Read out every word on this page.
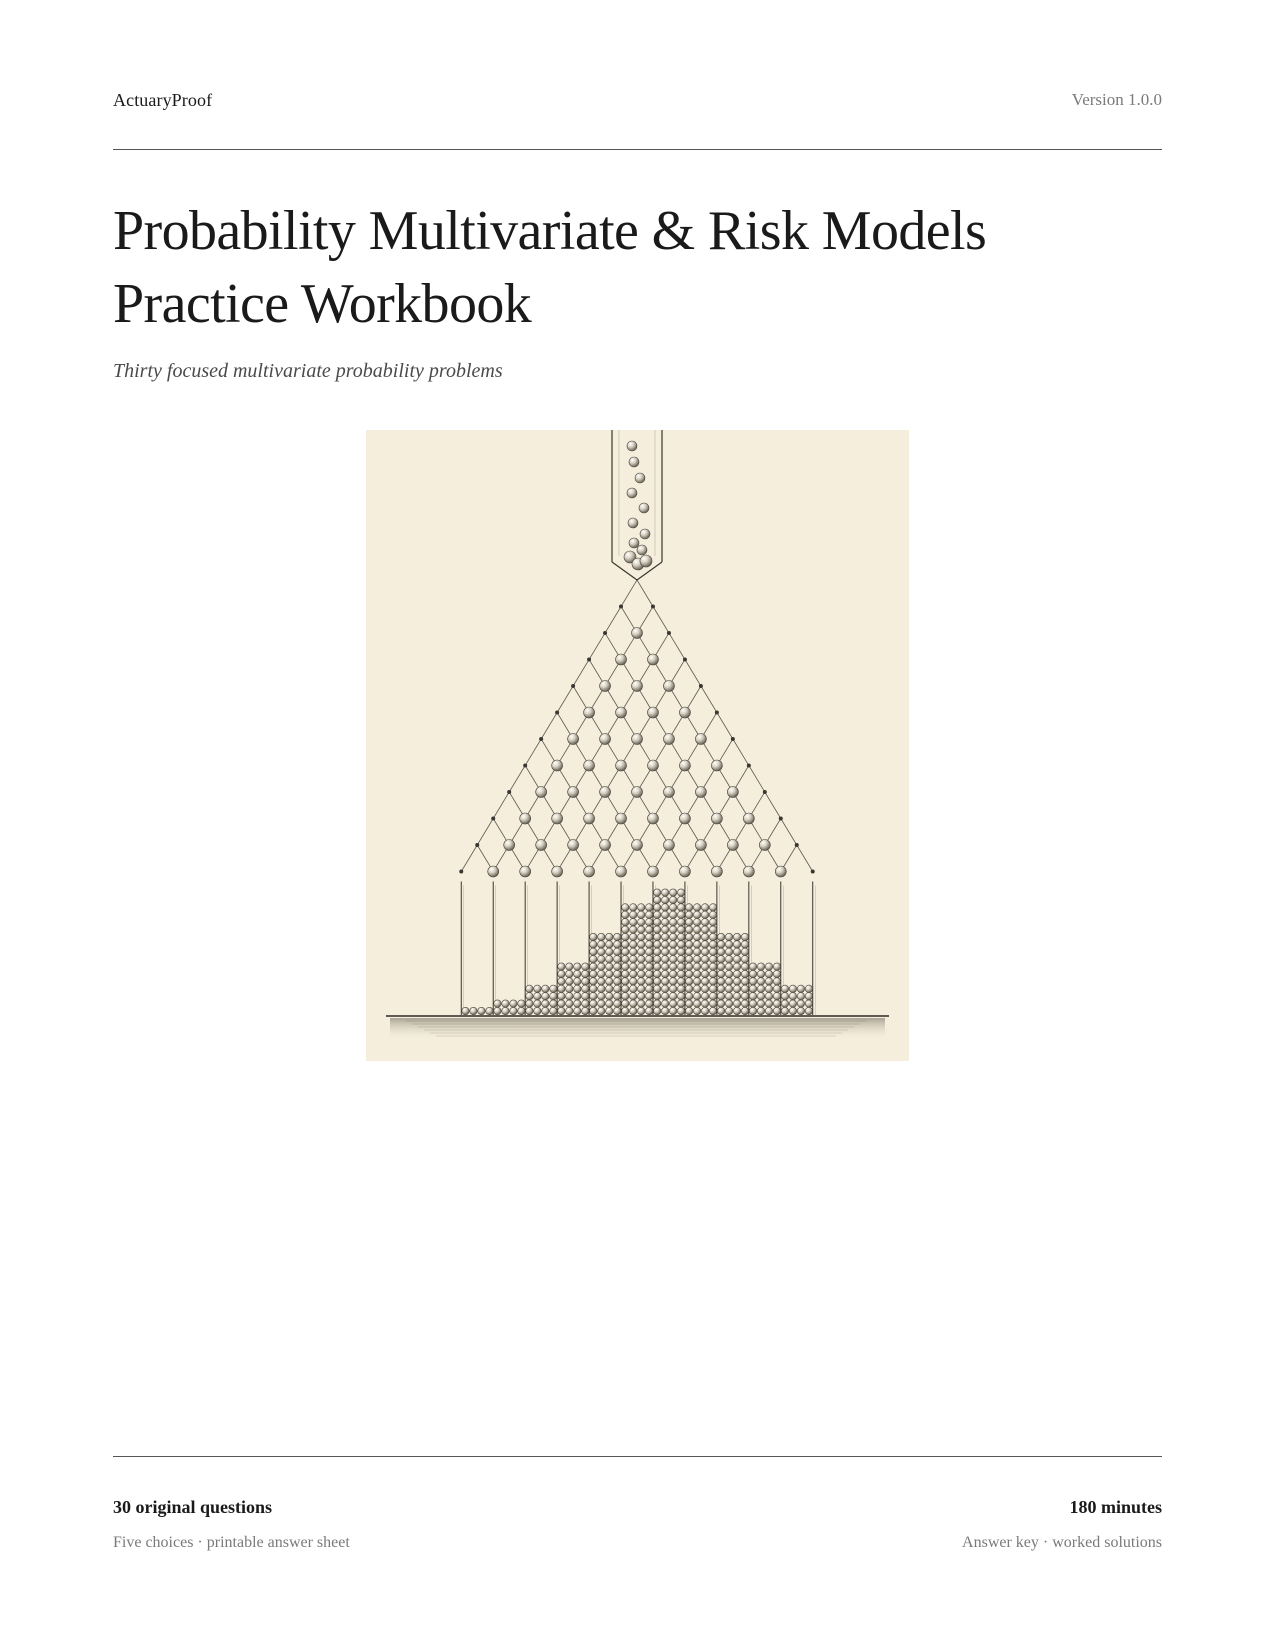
ActuaryProof	Version 1.0.0
Probability Multivariate & Risk Models Practice Workbook
Thirty focused multivariate probability problems
30 original questions
Five choices · printable answer sheet
180 minutes
Answer key · worked solutions
